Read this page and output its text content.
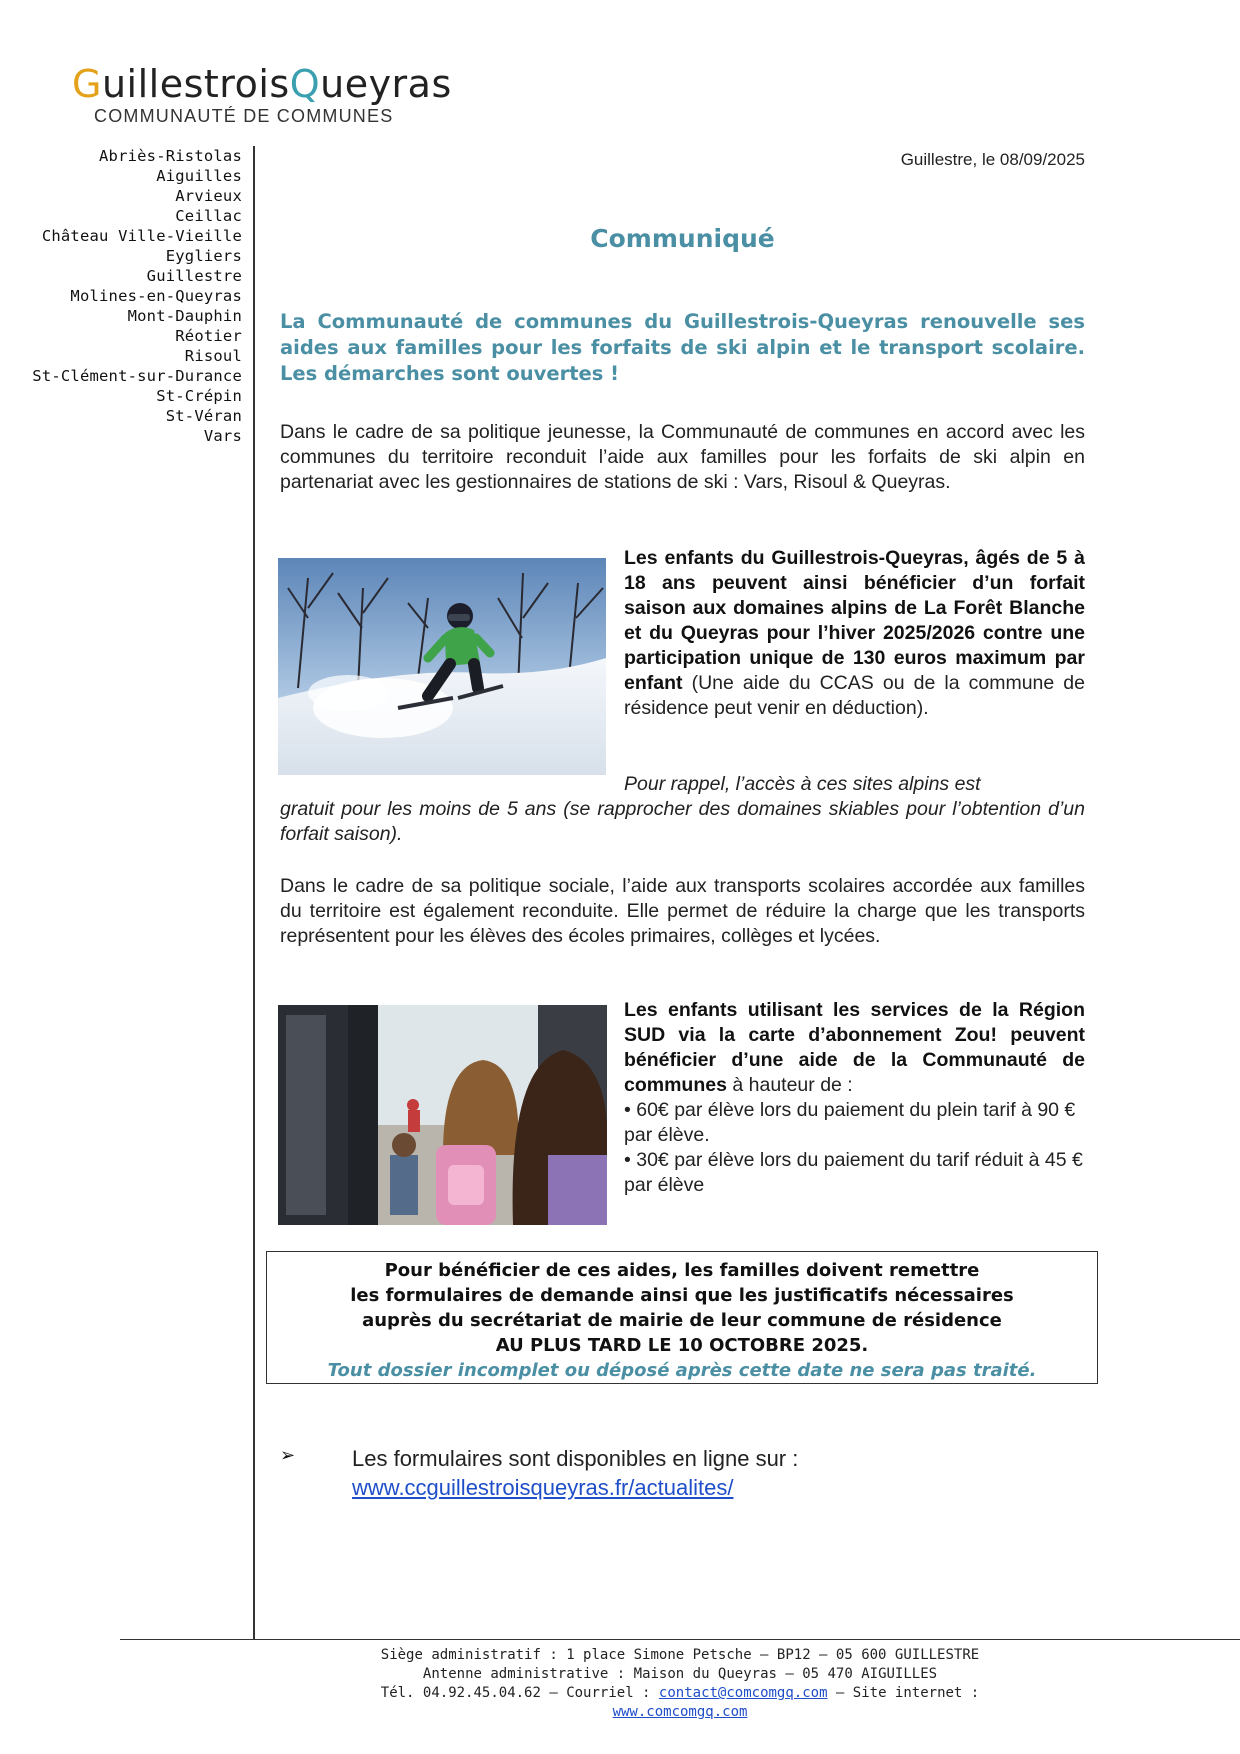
GuillestroisQueyras
COMMUNAUTÉ DE COMMUNES
Abriès-Ristolas
Aiguilles
Arvieux
Ceillac
Château Ville-Vieille
Eygliers
Guillestre
Molines-en-Queyras
Mont-Dauphin
Réotier
Risoul
St-Clément-sur-Durance
St-Crépin
St-Véran
Vars
Guillestre, le 08/09/2025
Communiqué
La Communauté de communes du Guillestrois-Queyras renouvelle ses aides aux familles pour les forfaits de ski alpin et le transport scolaire. Les démarches sont ouvertes !
Dans le cadre de sa politique jeunesse, la Communauté de communes en accord avec les communes du territoire reconduit l’aide aux familles pour les forfaits de ski alpin en partenariat avec les gestionnaires de stations de ski : Vars, Risoul & Queyras.
Les enfants du Guillestrois-Queyras, âgés de 5 à 18 ans peuvent ainsi bénéficier d’un forfait saison aux domaines alpins de La Forêt Blanche et du Queyras pour l’hiver 2025/2026 contre une participation unique de 130 euros maximum par enfant (Une aide du CCAS ou de la commune de résidence peut venir en déduction).
Pour rappel, l’accès à ces sites alpins est
gratuit pour les moins de 5 ans (se rapprocher des domaines skiables pour l’obtention d’un forfait saison).
Dans le cadre de sa politique sociale, l’aide aux transports scolaires accordée aux familles du territoire est également reconduite. Elle permet de réduire la charge que les transports représentent pour les élèves des écoles primaires, collèges et lycées.
Les enfants utilisant les services de la Région SUD via la carte d’abonnement Zou! peuvent bénéficier d’une aide de la Communauté de communes à hauteur de :
• 60€ par élève lors du paiement du plein tarif à 90 € par élève.
• 30€ par élève lors du paiement du tarif réduit à 45 € par élève
Pour bénéficier de ces aides, les familles doivent remettre
les formulaires de demande ainsi que les justificatifs nécessaires
auprès du secrétariat de mairie de leur commune de résidence
AU PLUS TARD LE 10 OCTOBRE 2025.
Tout dossier incomplet ou déposé après cette date ne sera pas traité.
➢	Les formulaires sont disponibles en ligne sur :
www.ccguillestroisqueyras.fr/actualites/
Siège administratif : 1 place Simone Petsche – BP12 – 05 600 GUILLESTRE
Antenne administrative : Maison du Queyras – 05 470 AIGUILLES
Tél. 04.92.45.04.62 – Courriel : contact@comcomgq.com – Site internet : www.comcomgq.com
